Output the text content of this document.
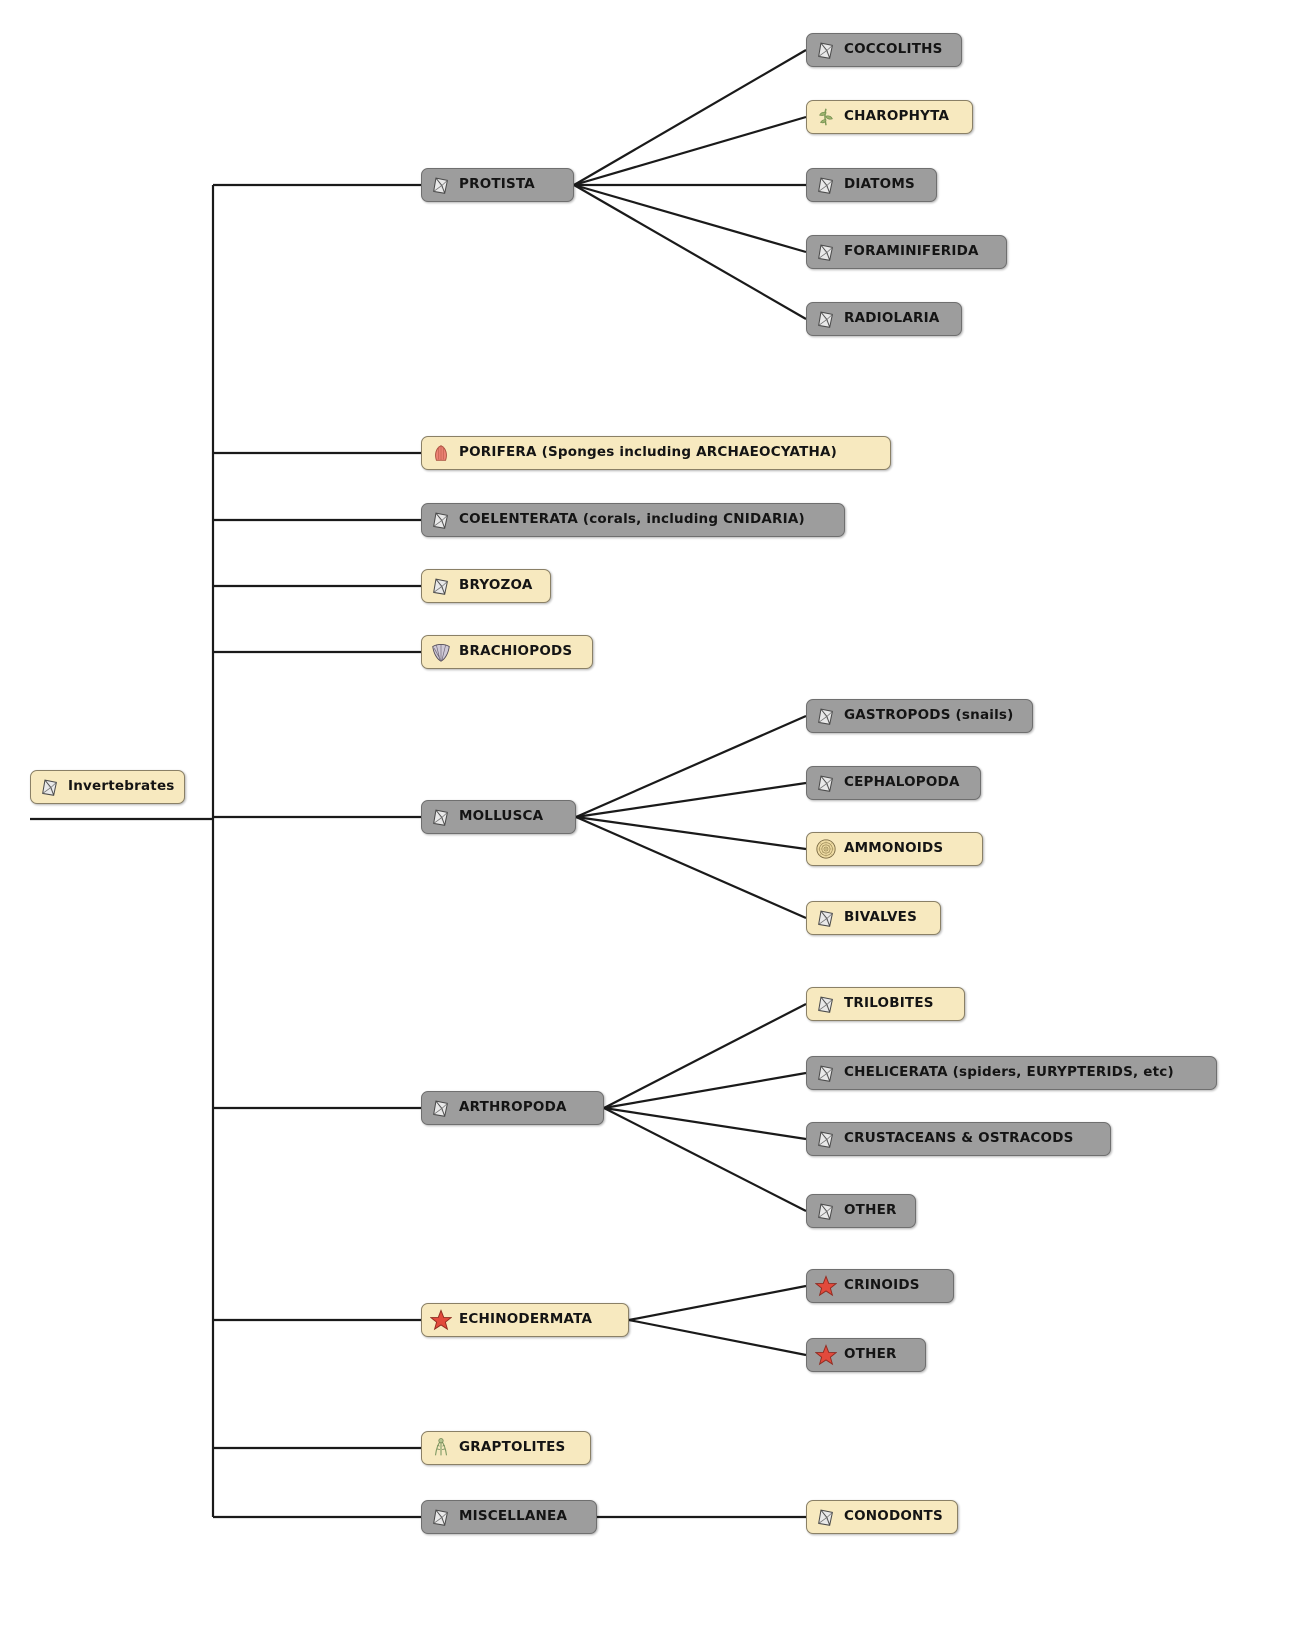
Invertebrates
PROTISTA
COCCOLITHS
CHAROPHYTA
DIATOMS
FORAMINIFERIDA
RADIOLARIA
PORIFERA (Sponges including ARCHAEOCYATHA)
COELENTERATA (corals, including CNIDARIA)
BRYOZOA
BRACHIOPODS
MOLLUSCA
GASTROPODS (snails)
CEPHALOPODA
AMMONOIDS
BIVALVES
ARTHROPODA
TRILOBITES
CHELICERATA (spiders, EURYPTERIDS, etc)
CRUSTACEANS & OSTRACODS
OTHER
ECHINODERMATA
CRINOIDS
OTHER
GRAPTOLITES
MISCELLANEA	CONODONTS
